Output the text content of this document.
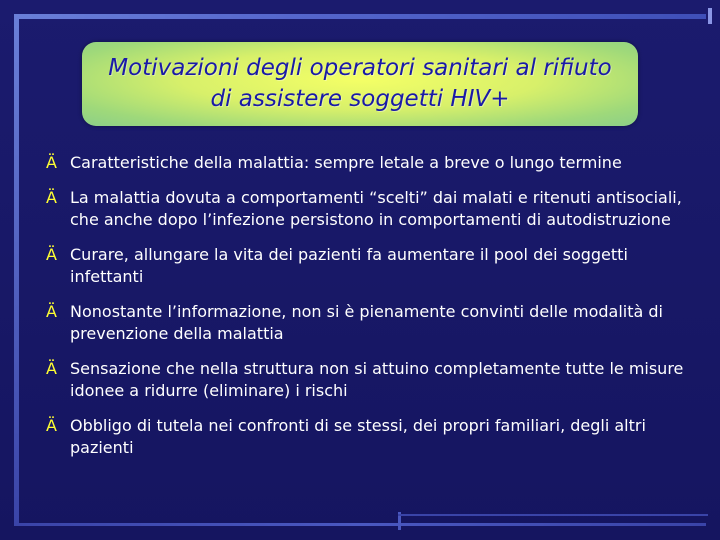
Motivazioni degli operatori sanitari al rifiuto di assistere soggetti HIV+
Ä Caratteristiche della malattia: sempre letale a breve o lungo termine
Ä La malattia dovuta a comportamenti “scelti” dai malati e ritenuti antisociali, che anche dopo l’infezione persistono in comportamenti di autodistruzione
Ä Curare, allungare la vita dei pazienti fa aumentare il pool dei soggetti infettanti
Ä Nonostante l’informazione, non si è pienamente convinti delle modalità di prevenzione della malattia
Ä Sensazione che nella struttura non si attuino completamente tutte le misure idonee a ridurre (eliminare) i rischi
Ä Obbligo di tutela nei confronti di se stessi, dei propri familiari, degli altri pazienti
